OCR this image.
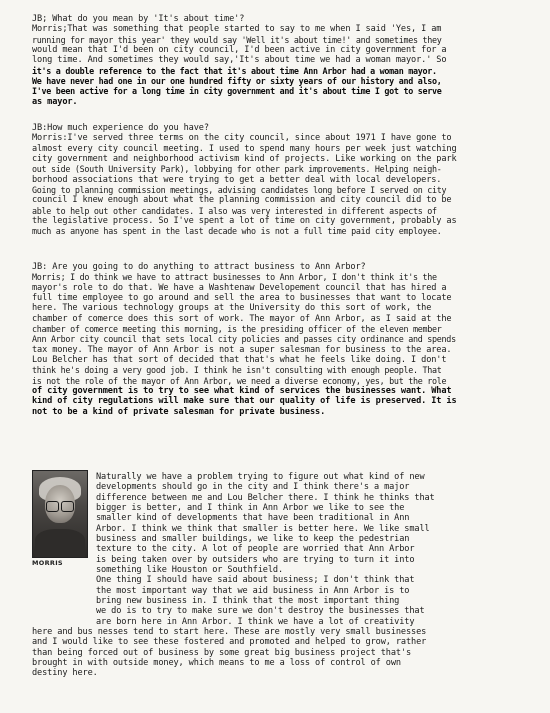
JB; What do you mean by 'It's about time'?
Morris;That was something that people started to say to me when I said 'Yes, I am
running for mayor this year' they would say 'Well it's about time!' and sometimes they
would mean that I'd been on city council, I'd been active in city government for a
long time. And sometimes they would say,'It's about time we had a woman mayor.' So
it's a double reference to the fact that it's about time Ann Arbor had a woman mayor.
We have never had one in our one hundred fifty or sixty years of our history and also,
I've been active for a long time in city government and it's about time I got to serve
as mayor.
JB:How much experience do you have?
Morris:I've served three terms on the city council, since about 1971 I have gone to
almost every city council meeting. I used to spend many hours per week just watching
city government and neighborhood activism kind of projects. Like working on the park
out side (South University Park), lobbying for other park improvements. Helping neigh-
borhood associations that were trying to get a better deal with local developers.
Going to planning commission meetings, advising candidates long before I served on city
council I knew enough about what the planning commission and city council did to be
able to help out other candidates. I also was very interested in different aspects of
the legislative process. So I've spent a lot of time on city government, probably as
much as anyone has spent in the last decade who is not a full time paid city employee.
JB: Are you going to do anything to attract business to Ann Arbor?
Morris; I do think we have to attract businesses to Ann Arbor, I don't think it's the
mayor's role to do that. We have a Washtenaw Developement council that has hired a
full time employee to go around and sell the area to businesses that want to locate
here. The various technology groups at the University do this sort of work, the
chamber of comerce does this sort of work. The mayor of Ann Arbor, as I said at the
chamber of comerce meeting this morning, is the presiding officer of the eleven member
Ann Arbor city council that sets local city policies and passes city ordinance and spends
tax money. The mayor of Ann Arbor is not a super salesman for business to the area.
Lou Belcher has that sort of decided that that's what he feels like doing. I don't
think he's doing a very good job. I think he isn't consulting with enough people. That
is not the role of the mayor of Ann Arbor, we need a diverse economy, yes, but the role
of city government is to try to see what kind of services the businesses want. What
kind of city regulations will make sure that our quality of life is preserved. It is
not to be a kind of private salesman for private business.
MORRIS
Naturally we have a problem trying to figure out what kind of new
developments should go in the city and I think there's a major
difference between me and Lou Belcher there. I think he thinks that
bigger is better, and I think in Ann Arbor we like to see the
smaller kind of developments that have been traditional in Ann
Arbor. I think we think that smaller is better here. We like small
business and smaller buildings, we like to keep the pedestrian
texture to the city. A lot of people are worried that Ann Arbor
is being taken over by outsiders who are trying to turn it into
something like Houston or Southfield.
One thing I should have said about business; I don't think that
the most important way that we aid business in Ann Arbor is to
bring new business in. I think that the most important thing
we do is to try to make sure we don't destroy the businesses that
are born here in Ann Arbor. I think we have a lot of creativity
here and bus nesses tend to start here. These are mostly very small businesses
and I would like to see these fostered and promoted and helped to grow, rather
than being forced out of business by some great big business project that's
brought in with outside money, which means to me a loss of control of own
destiny here.
